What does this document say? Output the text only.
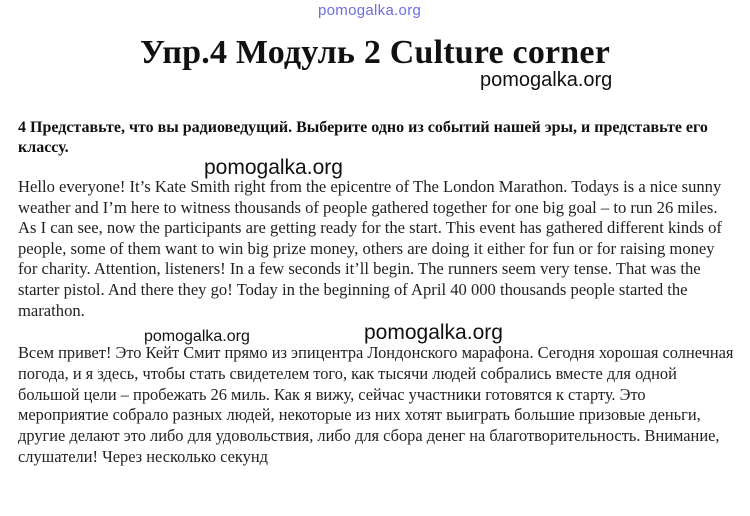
pomogalka.org
Упр.4 Модуль 2 Culture corner
pomogalka.org
4 Представьте, что вы радиоведущий. Выберите одно из событий нашей эры, и представьте его классу.
Hello everyone! It’s Kate Smith right from the epicentre of The London Marathon. Todays is a nice sunny weather and I’m here to witness thousands of people gathered together for one big goal – to run 26 miles. As I can see, now the participants are getting ready for the start. This event has gathered different kinds of people, some of them want to win big prize money, others are doing it either for fun or for raising money for charity. Attention, listeners! In a few seconds it’ll begin. The runners seem very tense. That was the starter pistol. And there they go! Today in the beginning of April 40 000 thousands people started the marathon.
Всем привет! Это Кейт Смит прямо из эпицентра Лондонского марафона. Сегодня хорошая солнечная погода, и я здесь, чтобы стать свидетелем того, как тысячи людей собрались вместе для одной большой цели – пробежать 26 миль. Как я вижу, сейчас участники готовятся к старту. Это мероприятие собрало разных людей, некоторые из них хотят выиграть большие призовые деньги, другие делают это либо для удовольствия, либо для сбора денег на благотворительность. Внимание, слушатели! Через несколько секунд
pomogalka.org
pomogalka.org	pomogalka.org
